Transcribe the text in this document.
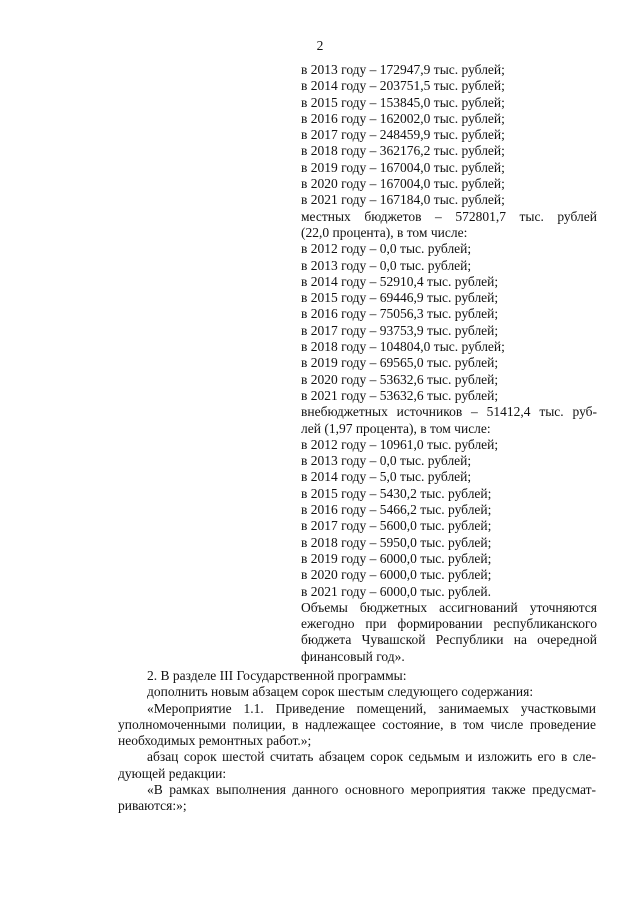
2
в 2013 году – 172947,9 тыс. рублей;
в 2014 году – 203751,5 тыс. рублей;
в 2015 году – 153845,0 тыс. рублей;
в 2016 году – 162002,0 тыс. рублей;
в 2017 году – 248459,9 тыс. рублей;
в 2018 году – 362176,2 тыс. рублей;
в 2019 году – 167004,0 тыс. рублей;
в 2020 году – 167004,0 тыс. рублей;
в 2021 году – 167184,0 тыс. рублей;
местных бюджетов – 572801,7 тыс. рублей
(22,0 процента), в том числе:
в 2012 году – 0,0 тыс. рублей;
в 2013 году – 0,0 тыс. рублей;
в 2014 году – 52910,4 тыс. рублей;
в 2015 году – 69446,9 тыс. рублей;
в 2016 году – 75056,3 тыс. рублей;
в 2017 году – 93753,9 тыс. рублей;
в 2018 году – 104804,0 тыс. рублей;
в 2019 году – 69565,0 тыс. рублей;
в 2020 году – 53632,6 тыс. рублей;
в 2021 году – 53632,6 тыс. рублей;
внебюджетных источников – 51412,4 тыс. руб-
лей (1,97 процента), в том числе:
в 2012 году – 10961,0 тыс. рублей;
в 2013 году – 0,0 тыс. рублей;
в 2014 году – 5,0 тыс. рублей;
в 2015 году – 5430,2 тыс. рублей;
в 2016 году – 5466,2 тыс. рублей;
в 2017 году – 5600,0 тыс. рублей;
в 2018 году – 5950,0 тыс. рублей;
в 2019 году – 6000,0 тыс. рублей;
в 2020 году – 6000,0 тыс. рублей;
в 2021 году – 6000,0 тыс. рублей.
Объемы бюджетных ассигнований уточняются ежегодно при формировании республиканского бюджета Чувашской Республики на очередной финансовый год».
2. В разделе III Государственной программы:
дополнить новым абзацем сорок шестым следующего содержания:
«Мероприятие 1.1. Приведение помещений, занимаемых участковыми
уполномоченными полиции, в надлежащее состояние, в том числе проведение
необходимых ремонтных работ.»;
абзац сорок шестой считать абзацем сорок седьмым и изложить его в сле-
дующей редакции:
«В рамках выполнения данного основного мероприятия также предусмат-
риваются:»;
